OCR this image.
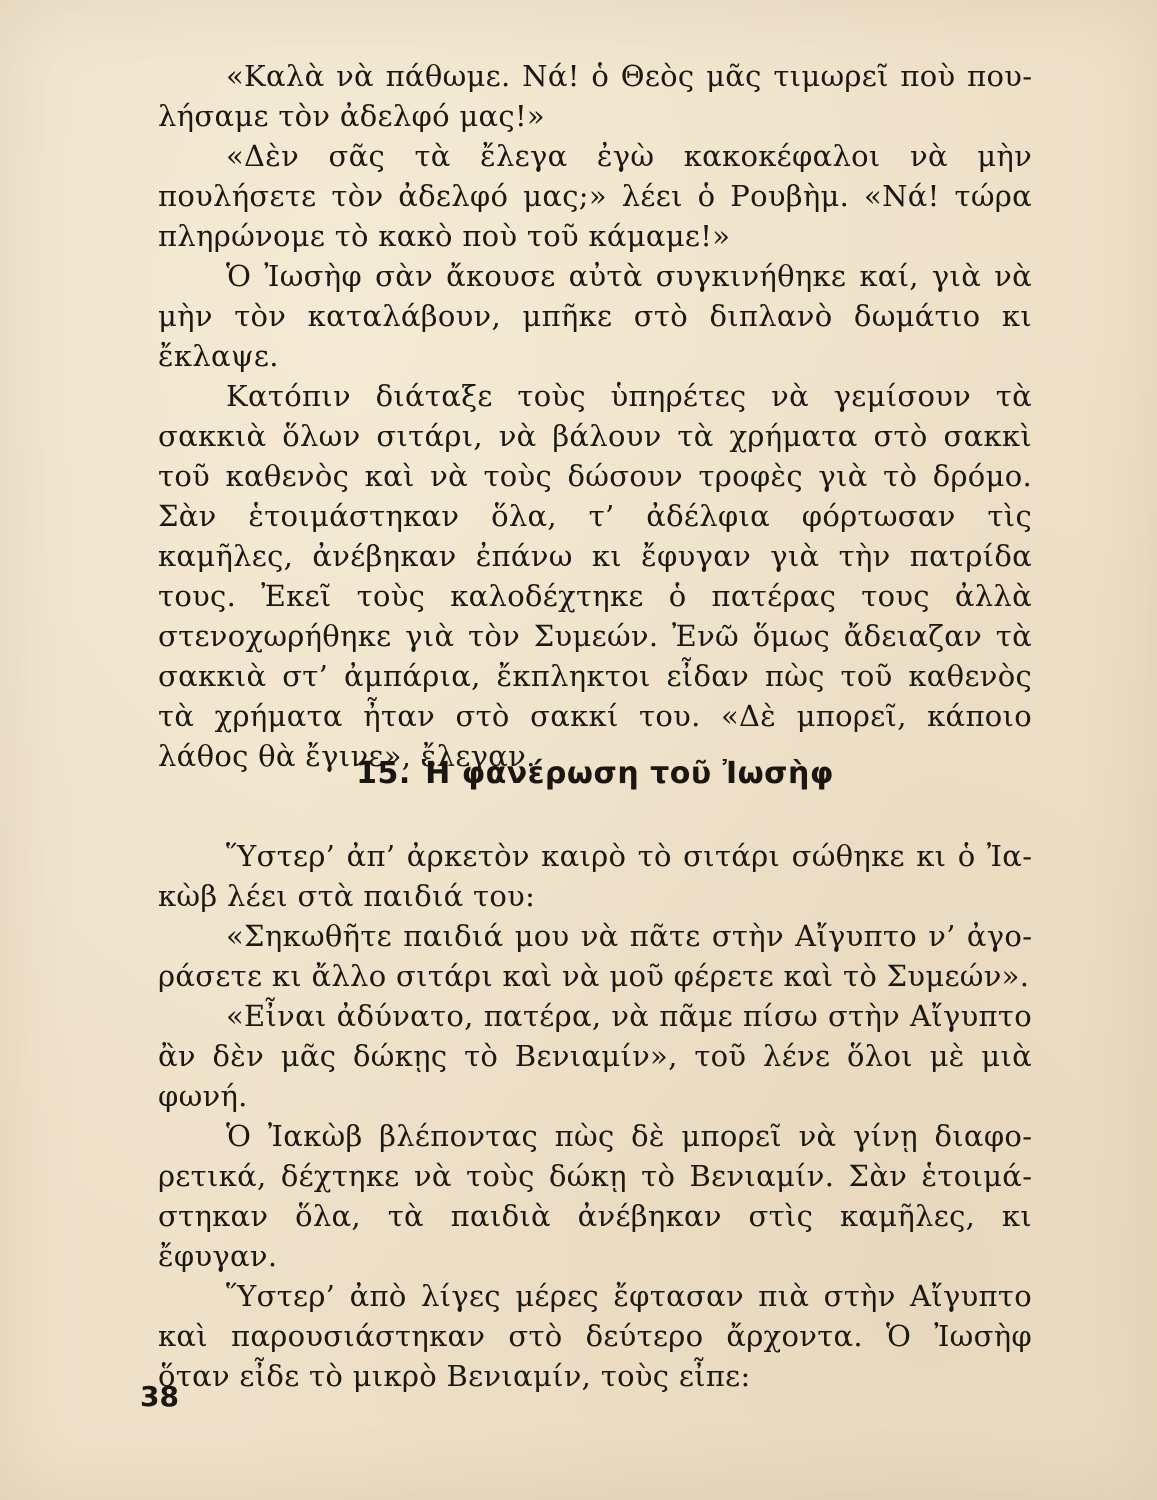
«Καλὰ νὰ πάθωμε. Νά! ὁ Θεὸς μᾶς τιμωρεῖ ποὺ πουλήσαμε τὸν ἀδελφό μας!»

«Δὲν σᾶς τὰ ἔλεγα ἐγὼ κακοκέφαλοι νὰ μὴν πουλήσετε τὸν ἀδελφό μας;» λέει ὁ Ρουβὴμ. «Νά! τώρα πληρώνομε τὸ κακὸ ποὺ τοῦ κάμαμε!»

Ὁ Ἰωσὴφ σὰν ἄκουσε αὐτὰ συγκινήθηκε καί, γιὰ νὰ μὴν τὸν καταλάβουν, μπῆκε στὸ διπλανὸ δωμάτιο κι ἔκλαψε.

Κατόπιν διάταξε τοὺς ὑπηρέτες νὰ γεμίσουν τὰ σακκιὰ ὅλων σιτάρι, νὰ βάλουν τὰ χρήματα στὸ σακκὶ τοῦ καθενὸς καὶ νὰ τοὺς δώσουν τροφὲς γιὰ τὸ δρόμο. Σὰν ἑτοιμάστηκαν ὅλα, τ’ ἀδέλφια φόρτωσαν τὶς καμῆλες, ἀνέβηκαν ἐπάνω κι ἔφυγαν γιὰ τὴν πατρίδα τους. Ἐκεῖ τοὺς καλοδέχτηκε ὁ πατέρας τους ἀλλὰ στενοχωρήθηκε γιὰ τὸν Συμεών. Ἐνῶ ὅμως ἄδειαζαν τὰ σακκιὰ στ’ ἀμπάρια, ἔκπληκτοι εἶδαν πὼς τοῦ καθενὸς τὰ χρήματα ἦταν στὸ σακκί του. «Δὲ μπορεῖ, κάποιο λάθος θὰ ἔγινε», ἔλεγαν.

15. Ἡ φανέρωση τοῦ Ἰωσὴφ

Ὕστερ’ ἀπ’ ἀρκετὸν καιρὸ τὸ σιτάρι σώθηκε κι ὁ Ἰακὼβ λέει στὰ παιδιά του:

«Σηκωθῆτε παιδιά μου νὰ πᾶτε στὴν Αἴγυπτο ν’ ἀγοράσετε κι ἄλλο σιτάρι καὶ νὰ μοῦ φέρετε καὶ τὸ Συμεών».

«Εἶναι ἀδύνατο, πατέρα, νὰ πᾶμε πίσω στὴν Αἴγυπτο ἂν δὲν μᾶς δώκῃς τὸ Βενιαμίν», τοῦ λένε ὅλοι μὲ μιὰ φωνή.

Ὁ Ἰακὼβ βλέποντας πὼς δὲ μπορεῖ νὰ γίνῃ διαφορετικά, δέχτηκε νὰ τοὺς δώκῃ τὸ Βενιαμίν. Σὰν ἑτοιμάστηκαν ὅλα, τὰ παιδιὰ ἀνέβηκαν στὶς καμῆλες, κι ἔφυγαν.

Ὕστερ’ ἀπὸ λίγες μέρες ἔφτασαν πιὰ στὴν Αἴγυπτο καὶ παρουσιάστηκαν στὸ δεύτερο ἄρχοντα. Ὁ Ἰωσὴφ ὅταν εἶδε τὸ μικρὸ Βενιαμίν, τοὺς εἶπε:

38
